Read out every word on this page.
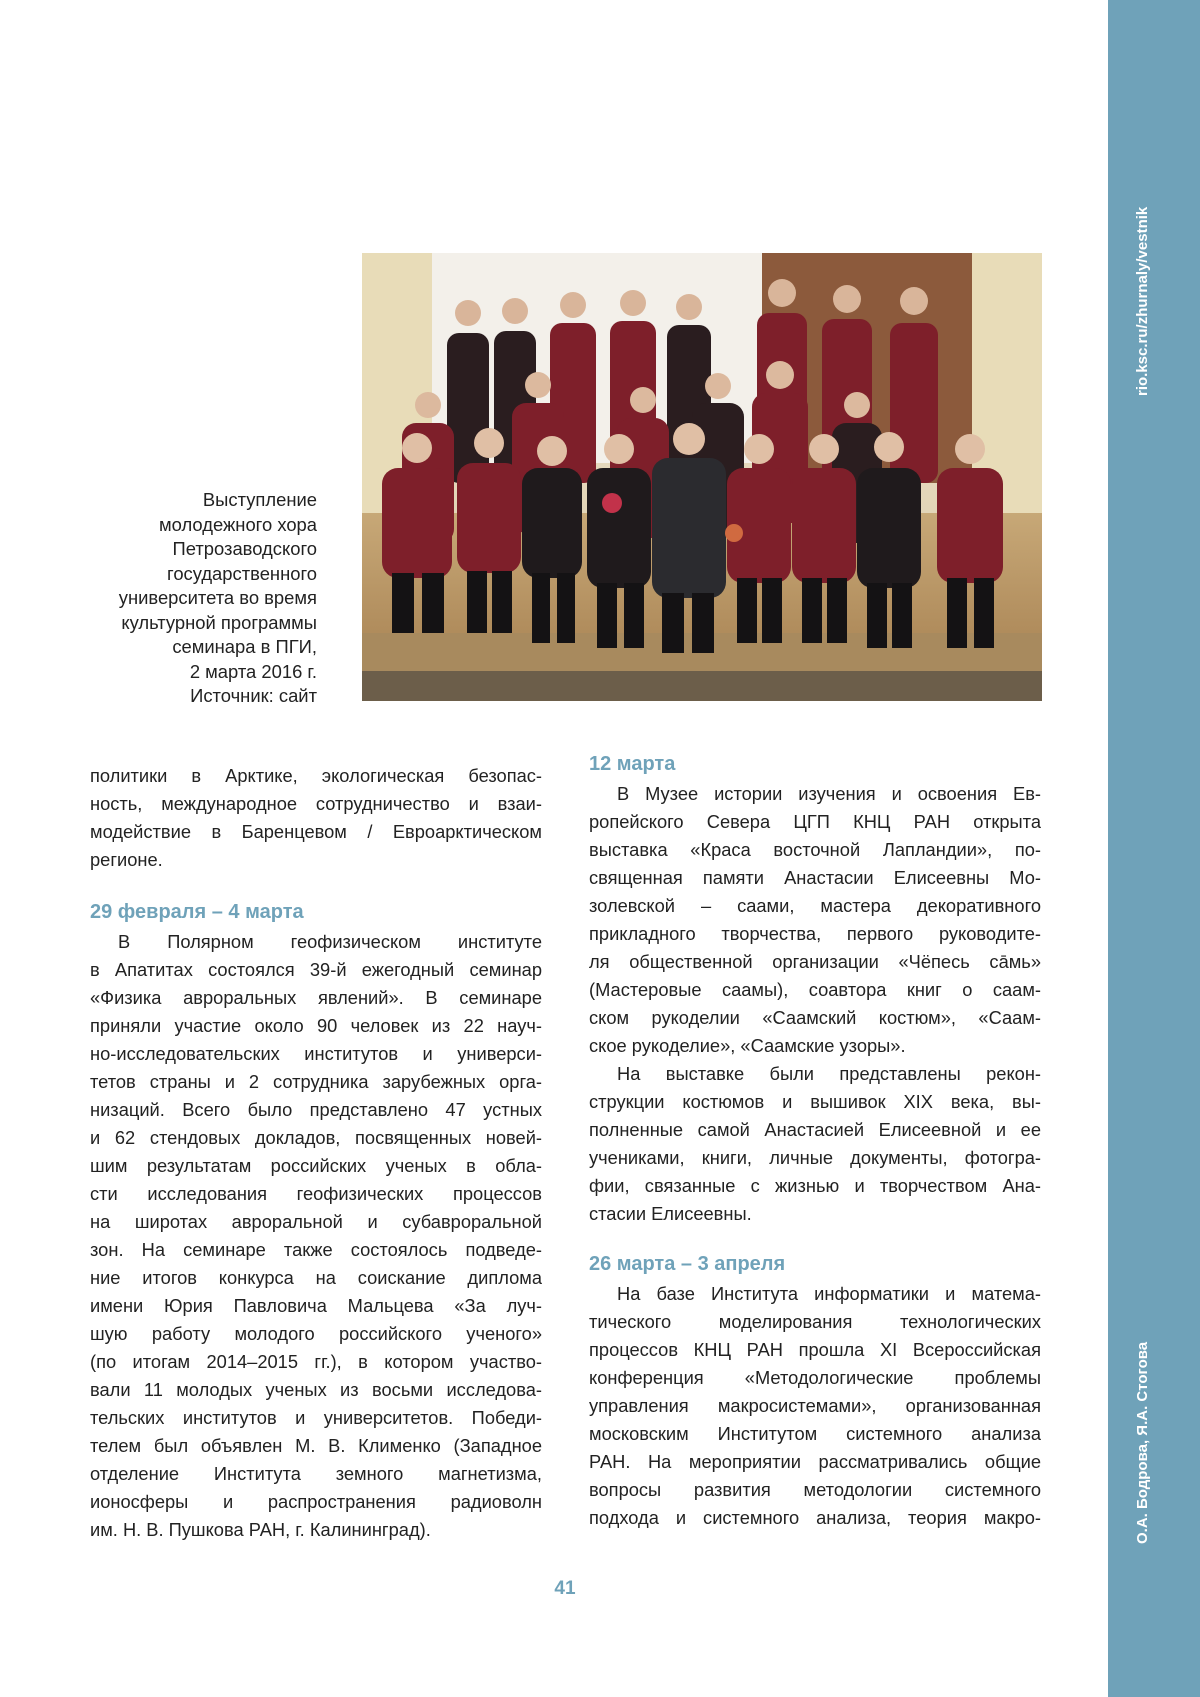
rio.ksc.ru/zhurnaly/vestnik
О.А. Бодрова, Я.А. Стогова
Выступление
молодежного хора
Петрозаводского
государственного
университета во время
культурной программы
семинара в ПГИ,
2 марта 2016 г.
Источник: сайт
политики в Арктике, экологическая безопас-
ность, международное сотрудничество и взаи-
модействие в Баренцевом / Евроарктическом
регионе.
29 февраля – 4 марта
В Полярном геофизическом институте
в Апатитах состоялся 39-й ежегодный семинар
«Физика авроральных явлений». В семинаре
приняли участие около 90 человек из 22 науч-
но-исследовательских институтов и универси-
тетов страны и 2 сотрудника зарубежных орга-
низаций. Всего было представлено 47 устных
и 62 стендовых докладов, посвященных новей-
шим результатам российских ученых в обла-
сти исследования геофизических процессов
на широтах авроральной и субавроральной
зон. На семинаре также состоялось подведе-
ние итогов конкурса на соискание диплома
имени Юрия Павловича Мальцева «За луч-
шую работу молодого российского ученого»
(по итогам 2014–2015 гг.), в котором участво-
вали 11 молодых ученых из восьми исследова-
тельских институтов и университетов. Победи-
телем был объявлен М. В. Клименко (Западное
отделение Института земного магнетизма,
ионосферы и распространения радиоволн
им. Н. В. Пушкова РАН, г. Калининград).
12 марта
В Музее истории изучения и освоения Ев-
ропейского Севера ЦГП КНЦ РАН открыта
выставка «Краса восточной Лапландии», по-
священная памяти Анастасии Елисеевны Мо-
золевской – саами, мастера декоративного
прикладного творчества, первого руководите-
ля общественной организации «Чёпесь сāмь»
(Мастеровые саамы), соавтора книг о саам-
ском рукоделии «Саамский костюм», «Саам-
ское рукоделие», «Саамские узоры».
На выставке были представлены рекон-
струкции костюмов и вышивок XIX века, вы-
полненные самой Анастасией Елисеевной и ее
учениками, книги, личные документы, фотогра-
фии, связанные с жизнью и творчеством Ана-
стасии Елисеевны.
26 марта – 3 апреля
На базе Института информатики и матема-
тического моделирования технологических
процессов КНЦ РАН прошла XI Всероссийская
конференция «Методологические проблемы
управления макросистемами», организованная
московским Институтом системного анализа
РАН. На мероприятии рассматривались общие
вопросы развития методологии системного
подхода и системного анализа, теория макро-
41
